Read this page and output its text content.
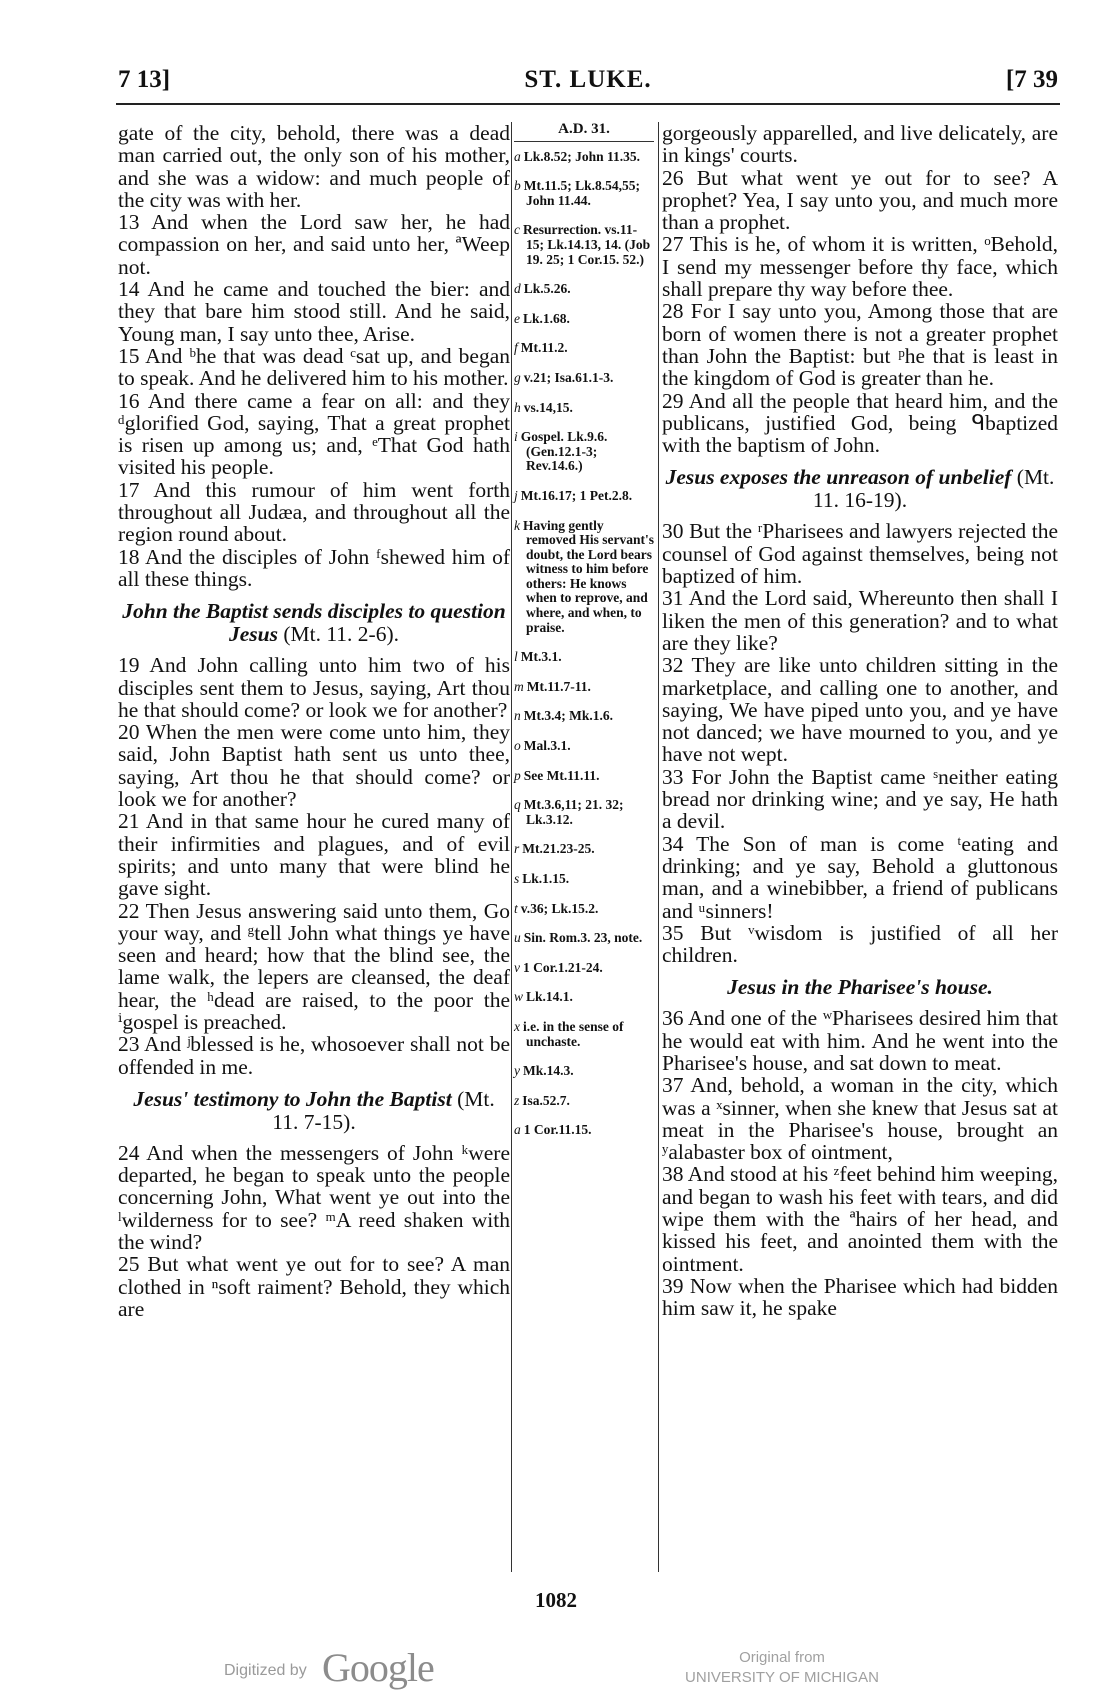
7 13]	ST. LUKE.	[7 39

gate of the city, behold, there was a dead man carried out, the only son of his mother, and she was a widow: and much people of the city was with her.

13 And when the Lord saw her, he had compassion on her, and said unto her, ªWeep not.

14 And he came and touched the bier: and they that bare him stood still. And he said, Young man, I say unto thee, Arise.

15 And ᵇhe that was dead ᶜsat up, and began to speak. And he delivered him to his mother.

16 And there came a fear on all: and they ᵈglorified God, saying, That a great prophet is risen up among us; and, ᵉThat God hath visited his people.

17 And this rumour of him went forth throughout all Judæa, and throughout all the region round about.

18 And the disciples of John ᶠshewed him of all these things.

John the Baptist sends disciples to question Jesus (Mt. 11. 2-6).

19 And John calling unto him two of his disciples sent them to Jesus, saying, Art thou he that should come? or look we for another?

20 When the men were come unto him, they said, John Baptist hath sent us unto thee, saying, Art thou he that should come? or look we for another?

21 And in that same hour he cured many of their infirmities and plagues, and of evil spirits; and unto many that were blind he gave sight.

22 Then Jesus answering said unto them, Go your way, and ᵍtell John what things ye have seen and heard; how that the blind see, the lame walk, the lepers are cleansed, the deaf hear, the ʰdead are raised, to the poor the ⁱgospel is preached.

23 And ʲblessed is he, whosoever shall not be offended in me.

Jesus' testimony to John the Baptist (Mt. 11. 7-15).

24 And when the messengers of John ᵏwere departed, he began to speak unto the people concerning John, What went ye out into the ˡwilderness for to see? ᵐA reed shaken with the wind?

25 But what went ye out for to see? A man clothed in ⁿsoft raiment? Behold, they which are

A.D. 31.
a Lk.8.52; John 11.35.
b Mt.11.5; Lk.8.54,55; John 11.44.
c Resurrection. vs.11-15; Lk.14.13, 14. (Job 19. 25; 1 Cor.15. 52.)
d Lk.5.26.
e Lk.1.68.
f Mt.11.2.
g v.21; Isa.61.1-3.
h vs.14,15.
i Gospel. Lk.9.6. (Gen.12.1-3; Rev.14.6.)
j Mt.16.17; 1 Pet.2.8.
k Having gently removed His servant's doubt, the Lord bears witness to him before others: He knows when to reprove, and where, and when, to praise.
l Mt.3.1.
m Mt.11.7-11.
n Mt.3.4; Mk.1.6.
o Mal.3.1.
p See Mt.11.11.
q Mt.3.6,11; 21. 32; Lk.3.12.
r Mt.21.23-25.
s Lk.1.15.
t v.36; Lk.15.2.
u Sin. Rom.3. 23, note.
v 1 Cor.1.21-24.
w Lk.14.1.
x i.e. in the sense of unchaste.
y Mk.14.3.
z Isa.52.7.
a 1 Cor.11.15.

gorgeously apparelled, and live delicately, are in kings' courts.

26 But what went ye out for to see? A prophet? Yea, I say unto you, and much more than a prophet.

27 This is he, of whom it is written, ᵒBehold, I send my messenger before thy face, which shall prepare thy way before thee.

28 For I say unto you, Among those that are born of women there is not a greater prophet than John the Baptist: but ᵖhe that is least in the kingdom of God is greater than he.

29 And all the people that heard him, and the publicans, justified God, being ᑫbaptized with the baptism of John.

Jesus exposes the unreason of unbelief (Mt. 11. 16-19).

30 But the ʳPharisees and lawyers rejected the counsel of God against themselves, being not baptized of him.

31 And the Lord said, Whereunto then shall I liken the men of this generation? and to what are they like?

32 They are like unto children sitting in the marketplace, and calling one to another, and saying, We have piped unto you, and ye have not danced; we have mourned to you, and ye have not wept.

33 For John the Baptist came ˢneither eating bread nor drinking wine; and ye say, He hath a devil.

34 The Son of man is come ᵗeating and drinking; and ye say, Behold a gluttonous man, and a winebibber, a friend of publicans and ᵘsinners!

35 But ᵛwisdom is justified of all her children.

Jesus in the Pharisee's house.

36 And one of the ʷPharisees desired him that he would eat with him. And he went into the Pharisee's house, and sat down to meat.

37 And, behold, a woman in the city, which was a ˣsinner, when she knew that Jesus sat at meat in the Pharisee's house, brought an ʸalabaster box of ointment,

38 And stood at his ᶻfeet behind him weeping, and began to wash his feet with tears, and did wipe them with the ªhairs of her head, and kissed his feet, and anointed them with the ointment.

39 Now when the Pharisee which had bidden him saw it, he spake

1082
Digitized by Google	Original from
UNIVERSITY OF MICHIGAN
